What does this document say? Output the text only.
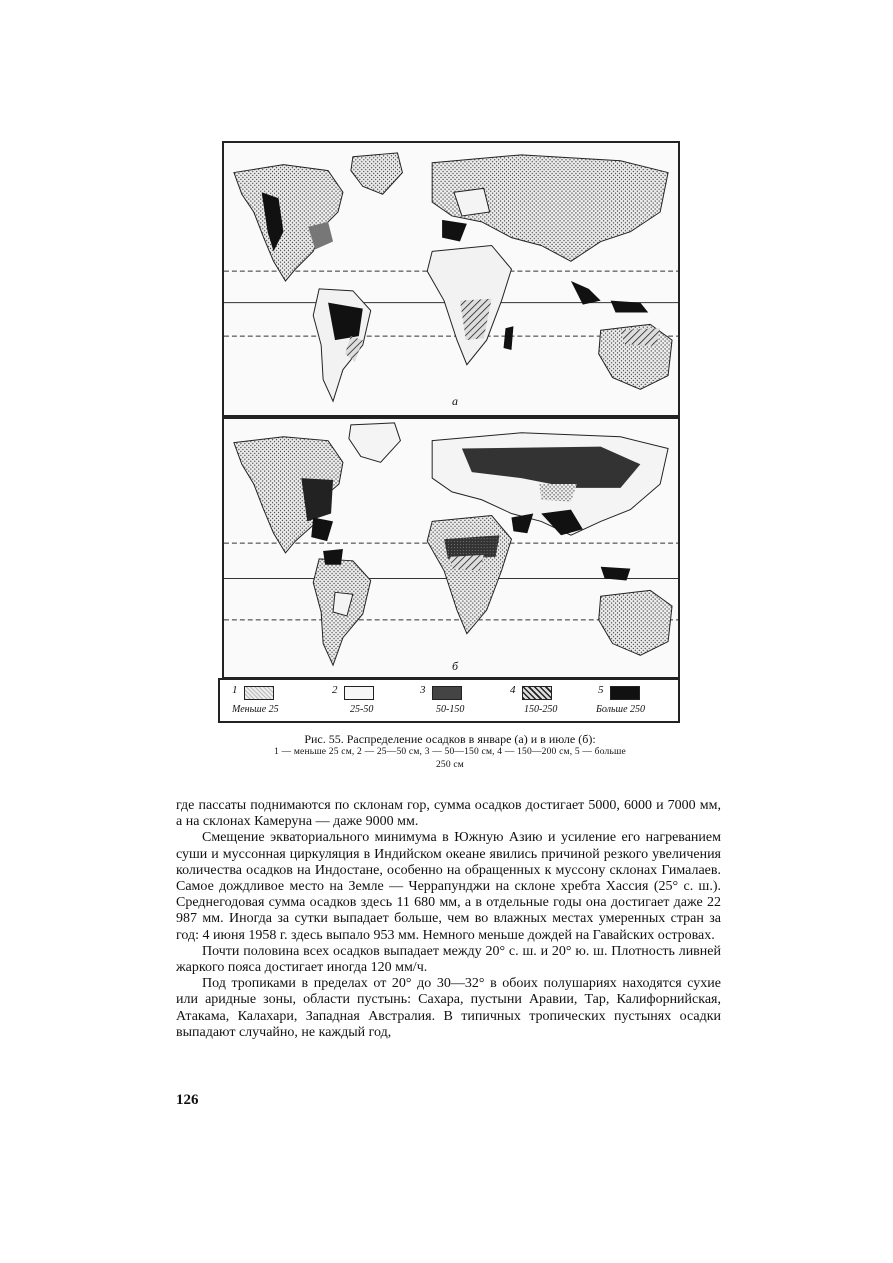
а
б
1
Меньше 25
2
25-50
3
50-150
4
150-250
5
Больше 250
Рис. 55. Распределение осадков в январе (а) и в июле (б):
1 — меньше 25 см, 2 — 25—50 см, 3 — 50—150 см, 4 — 150—200 см, 5 — больше
250 см

где пассаты поднимаются по склонам гор, сумма осадков достигает 5000, 6000 и 7000 мм, а на склонах Камеруна — даже 9000 мм.

Смещение экваториального минимума в Южную Азию и усиление его нагреванием суши и муссонная циркуляция в Индийском океане явились причиной резкого увеличения количества осадков на Индостане, особенно на обращенных к муссону склонах Гималаев. Самое дождливое место на Земле — Черрапунджи на склоне хребта Хассия (25° с. ш.). Среднегодовая сумма осадков здесь 11 680 мм, а в отдельные годы она достигает даже 22 987 мм. Иногда за сутки выпадает больше, чем во влажных местах умеренных стран за год: 4 июня 1958 г. здесь выпало 953 мм. Немного меньше дождей на Гавайских островах.

Почти половина всех осадков выпадает между 20° с. ш. и 20° ю. ш. Плотность ливней жаркого пояса достигает иногда 120 мм/ч.

Под тропиками в пределах от 20° до 30—32° в обоих полушариях находятся сухие или аридные зоны, области пустынь: Сахара, пустыни Аравии, Тар, Калифорнийская, Атакама, Калахари, Западная Австралия. В типичных тропических пустынях осадки выпадают случайно, не каждый год,

126
